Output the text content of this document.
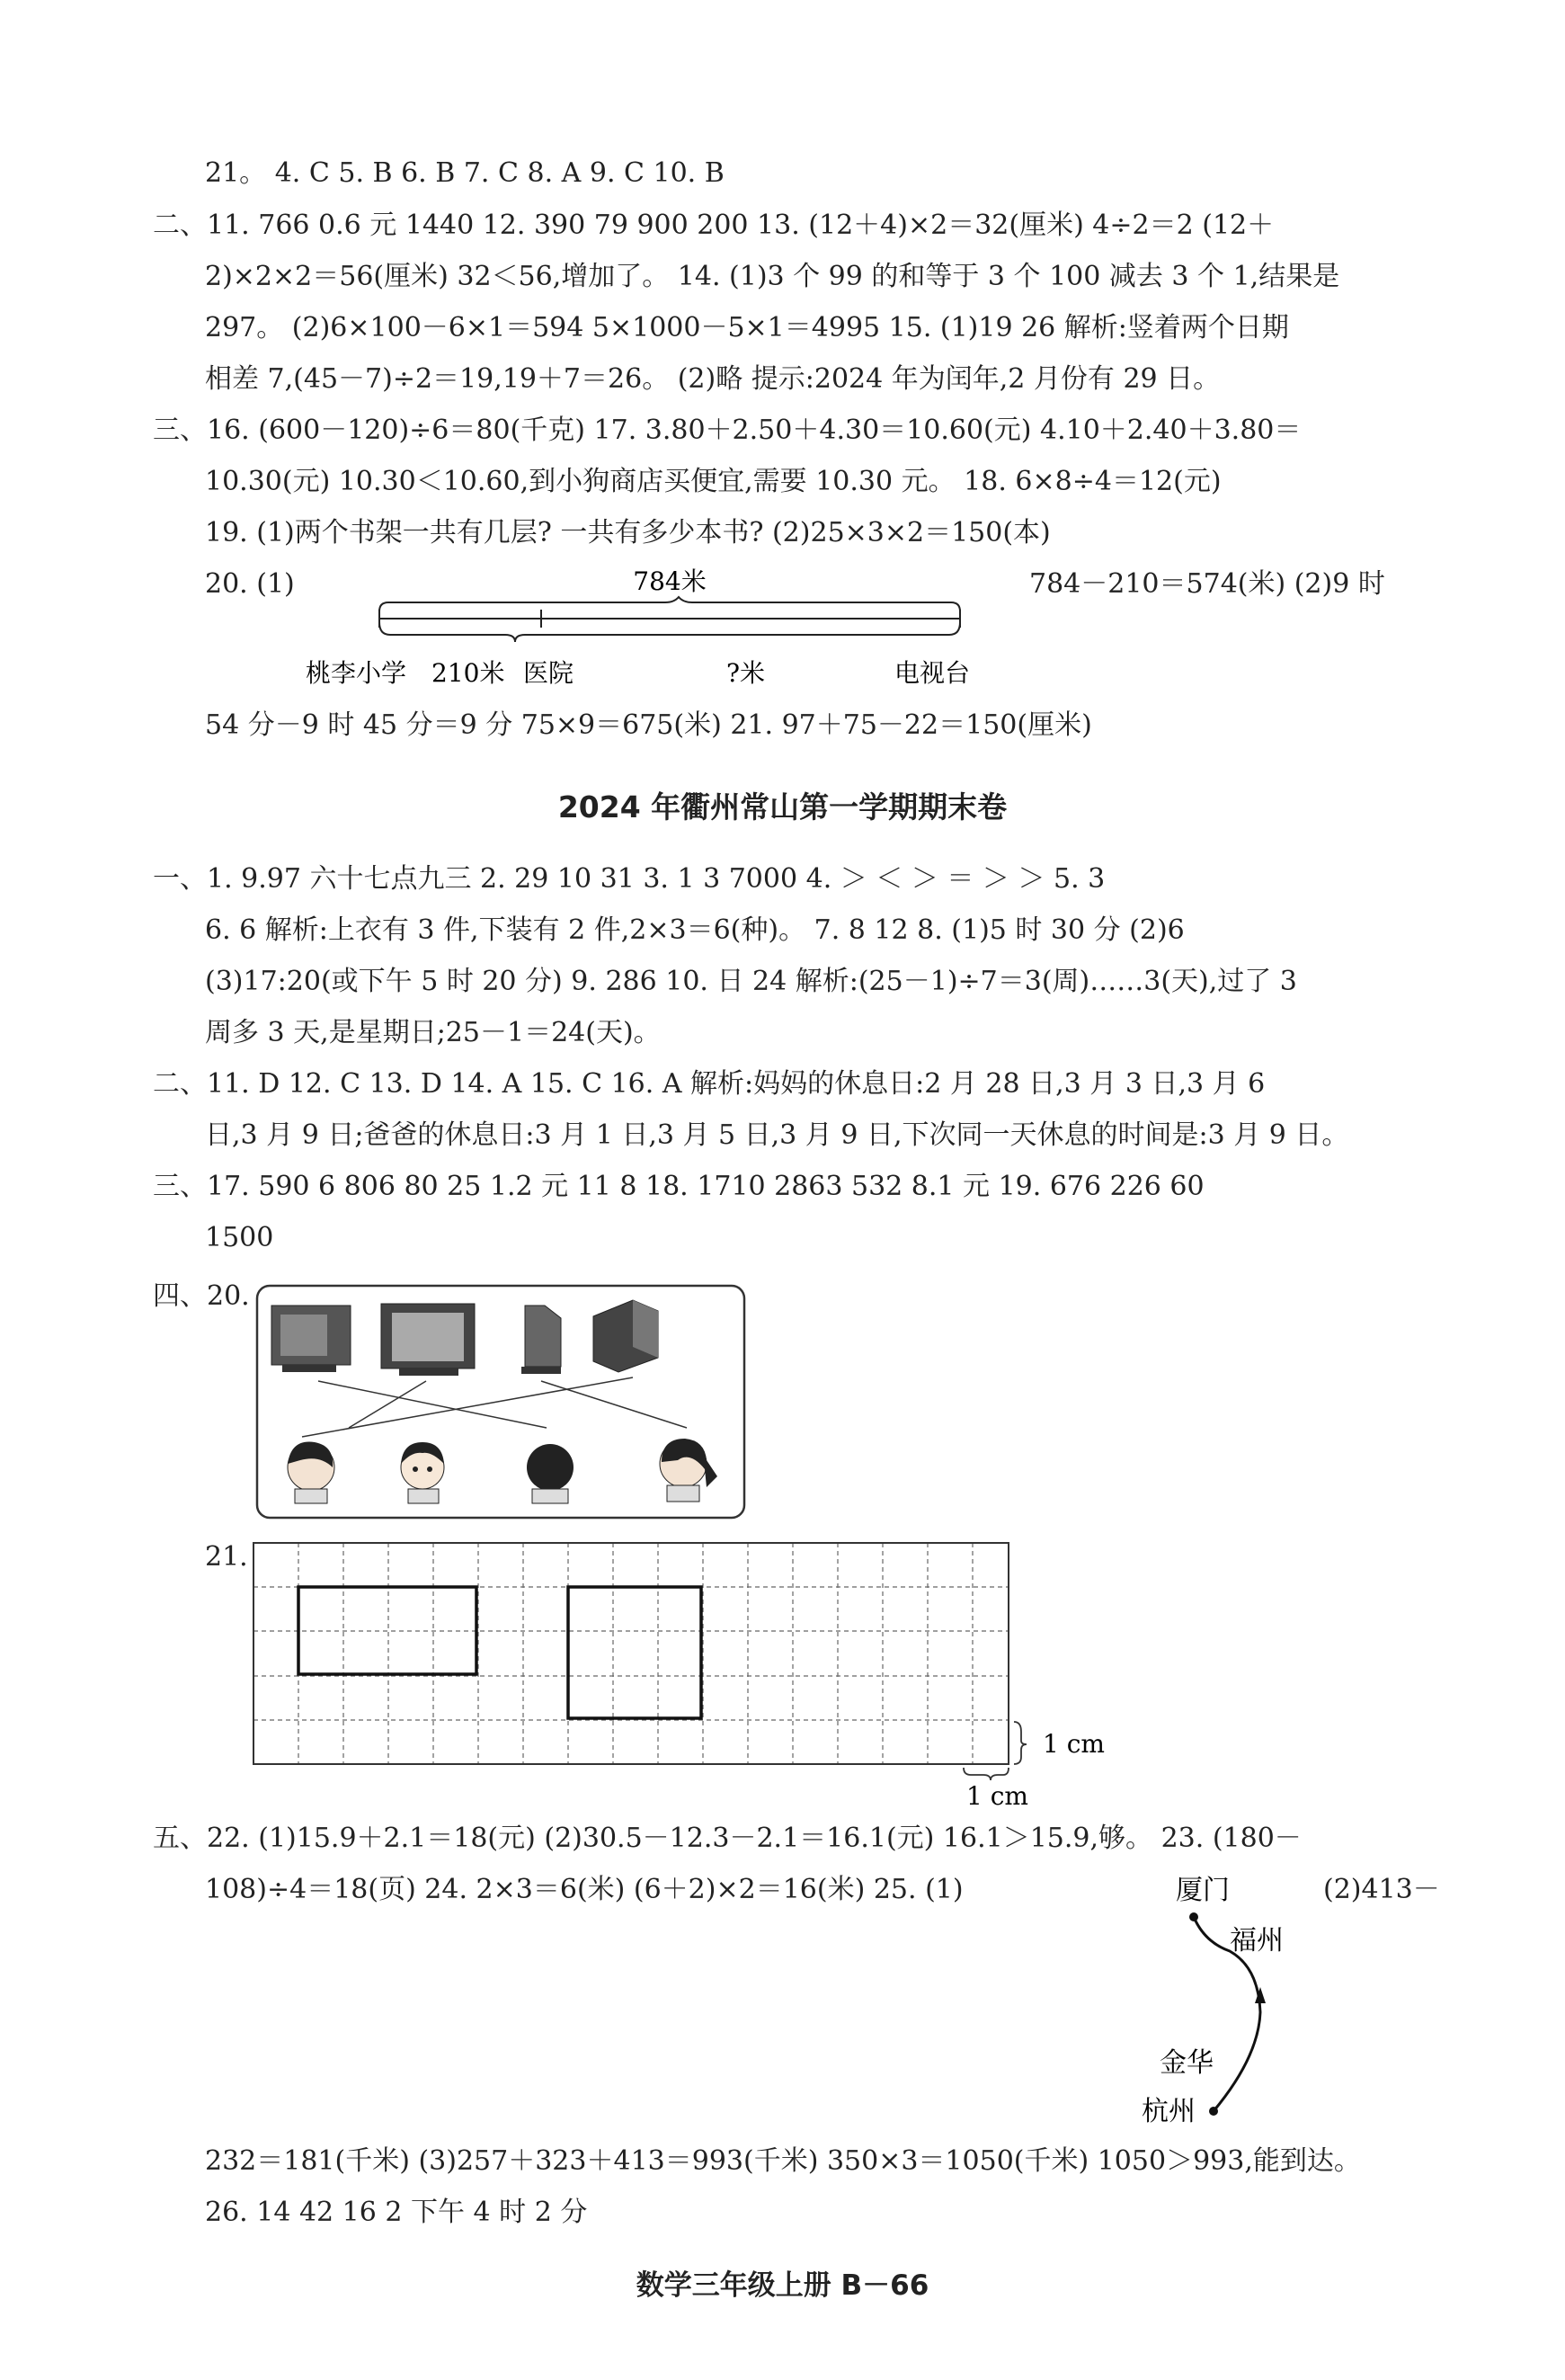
21。 4. C 5. B 6. B 7. C 8. A 9. C 10. B
二、11. 766 0.6 元 1440 12. 390 79 900 200 13. (12＋4)×2＝32(厘米) 4÷2＝2 (12＋
2)×2×2＝56(厘米) 32＜56,增加了。 14. (1)3 个 99 的和等于 3 个 100 减去 3 个 1,结果是
297。 (2)6×100－6×1＝594 5×1000－5×1＝4995 15. (1)19 26 解析:竖着两个日期
相差 7,(45－7)÷2＝19,19＋7＝26。 (2)略 提示:2024 年为闰年,2 月份有 29 日。
三、16. (600－120)÷6＝80(千克) 17. 3.80＋2.50＋4.30＝10.60(元) 4.10＋2.40＋3.80＝
10.30(元) 10.30＜10.60,到小狗商店买便宜,需要 10.30 元。 18. 6×8÷4＝12(元)
19. (1)两个书架一共有几层? 一共有多少本书? (2)25×3×2＝150(本)
20. (1)	784－210＝574(米) (2)9 时
784米
桃李小学 210米 医院	?米	电视台
54 分－9 时 45 分＝9 分 75×9＝675(米) 21. 97＋75－22＝150(厘米)
2024 年衢州常山第一学期期末卷
一、1. 9.97 六十七点九三 2. 29 10 31 3. 1 3 7000 4. ＞ ＜ ＞ ＝ ＞ ＞ 5. 3
6. 6 解析:上衣有 3 件,下装有 2 件,2×3＝6(种)。 7. 8 12 8. (1)5 时 30 分 (2)6
(3)17:20(或下午 5 时 20 分) 9. 286 10. 日 24 解析:(25－1)÷7＝3(周)……3(天),过了 3
周多 3 天,是星期日;25－1＝24(天)。
二、11. D 12. C 13. D 14. A 15. C 16. A 解析:妈妈的休息日:2 月 28 日,3 月 3 日,3 月 6
日,3 月 9 日;爸爸的休息日:3 月 1 日,3 月 5 日,3 月 9 日,下次同一天休息的时间是:3 月 9 日。
三、17. 590 6 806 80 25 1.2 元 11 8 18. 1710 2863 532 8.1 元 19. 676 226 60
1500
四、20.
21.
1 cm
1 cm
五、22. (1)15.9＋2.1＝18(元) (2)30.5－12.3－2.1＝16.1(元) 16.1＞15.9,够。 23. (180－
108)÷4＝18(页) 24. 2×3＝6(米) (6＋2)×2＝16(米) 25. (1)	(2)413－
厦门
福州
金华
杭州
232＝181(千米) (3)257＋323＋413＝993(千米) 350×3＝1050(千米) 1050＞993,能到达。
26. 14 42 16 2 下午 4 时 2 分
数学三年级上册 B－66
